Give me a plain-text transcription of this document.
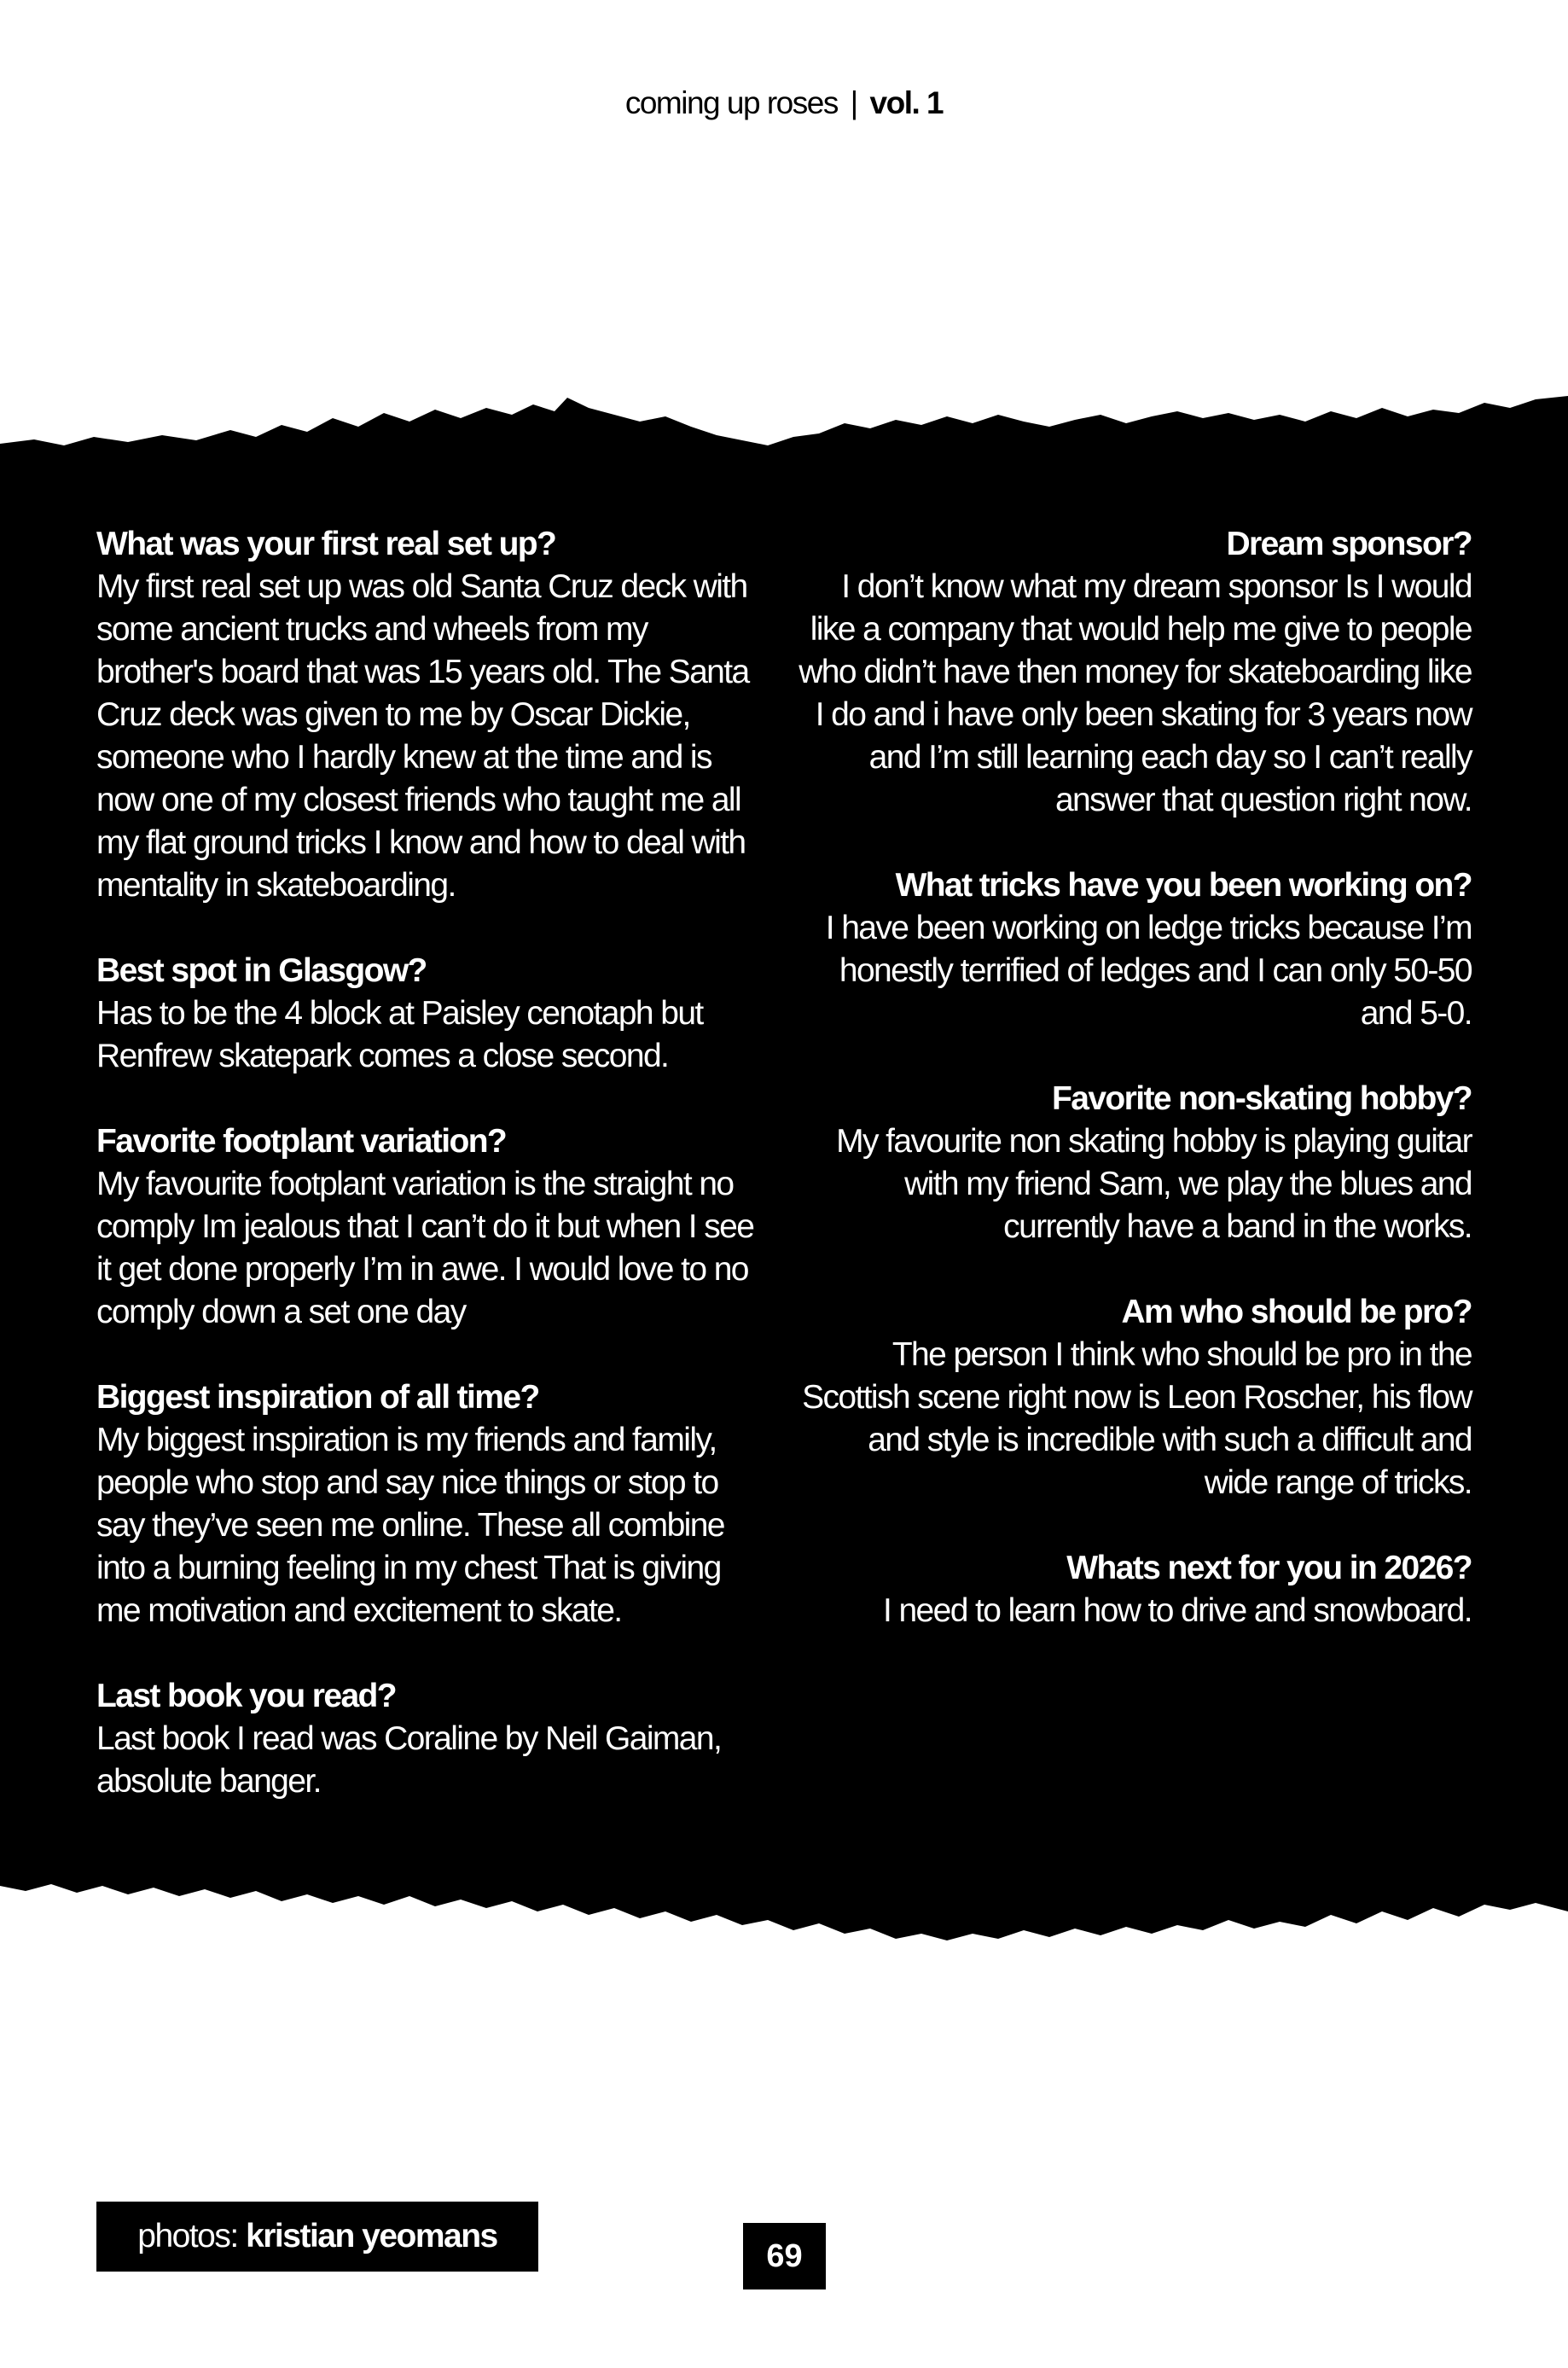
coming up roses | vol. 1
What was your first real set up?
My first real set up was old Santa Cruz deck with some ancient trucks and wheels from my brother's board that was 15 years old. The Santa Cruz deck was given to me by Oscar Dickie, someone who I hardly knew at the time and is now one of my closest friends who taught me all my flat ground tricks I know and how to deal with mentality in skateboarding.
Best spot in Glasgow?
Has to be the 4 block at Paisley cenotaph but Renfrew skatepark comes a close second.
Favorite footplant variation?
My favourite footplant variation is the straight no comply Im jealous that I can’t do it but when I see it get done properly I’m in awe. I would love to no comply down a set one day
Biggest inspiration of all time?
My biggest inspiration is my friends and family, people who stop and say nice things or stop to say they’ve seen me online. These all combine into a burning feeling in my chest That is giving me motivation and excitement to skate.
Last book you read?
Last book I read was Coraline by Neil Gaiman, absolute banger.
Dream sponsor?
I don’t know what my dream sponsor Is I would like a company that would help me give to people who didn’t have then money for skateboarding like I do and i have only been skating for 3 years now and I’m still learning each day so I can’t really answer that question right now.
What tricks have you been working on?
I have been working on ledge tricks because I’m honestly terrified of ledges and I can only 50-50 and 5-0.
Favorite non-skating hobby?
My favourite non skating hobby is playing guitar with my friend Sam, we play the blues and currently have a band in the works.
Am who should be pro?
The person I think who should be pro in the Scottish scene right now is Leon Roscher, his flow and style is incredible with such a difficult and wide range of tricks.
Whats next for you in 2026?
I need to learn how to drive and snowboard.
photos: kristian yeomans
69
